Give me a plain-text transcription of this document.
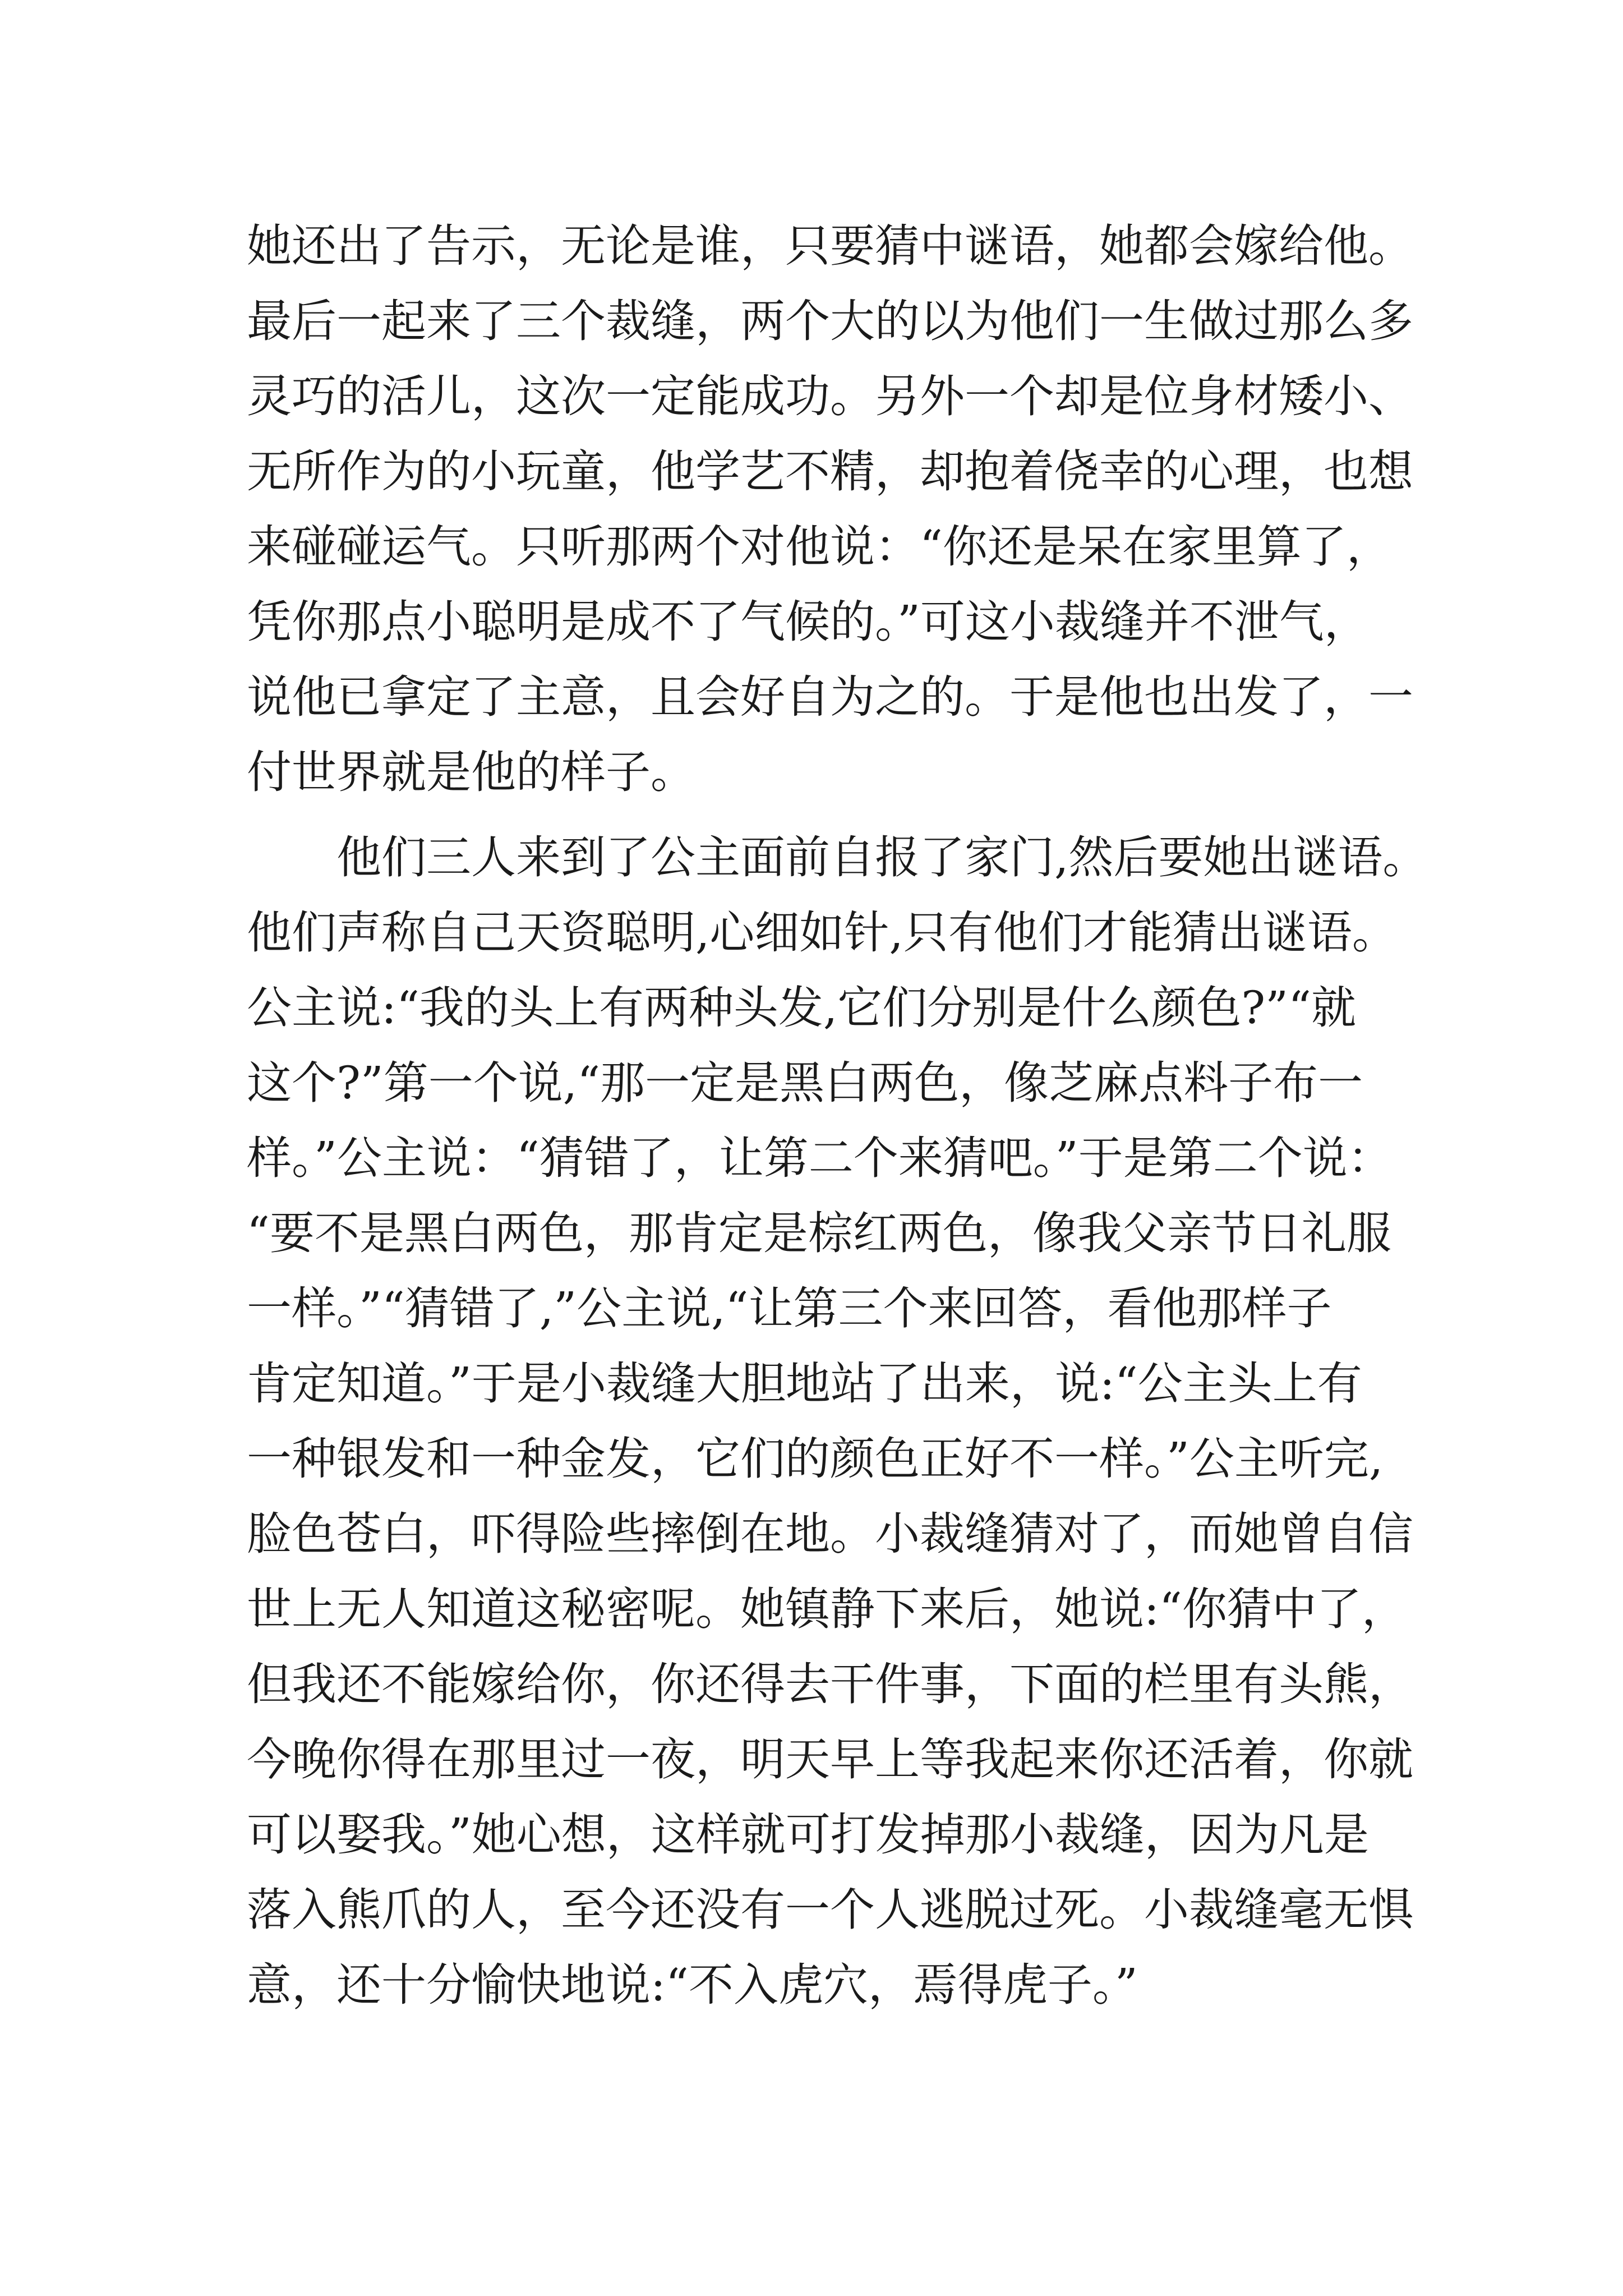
她还出了告示，无论是谁，只要猜中谜语，她都会嫁给他。

最后一起来了三个裁缝，两个大的以为他们一生做过那么多

灵巧的活儿，这次一定能成功。另外一个却是位身材矮小、

无所作为的小玩童，他学艺不精，却抱着侥幸的心理，也想

来碰碰运气。只听那两个对他说：“你还是呆在家里算了，

凭你那点小聪明是成不了气候的。”可这小裁缝并不泄气，

说他已拿定了主意，且会好自为之的。于是他也出发了，一

付世界就是他的样子。

他们三人来到了公主面前自报了家门,然后要她出谜语。

他们声称自己天资聪明,心细如针,只有他们才能猜出谜语。

公主说:“我的头上有两种头发,它们分别是什么颜色?”“就

这个?”第一个说,“那一定是黑白两色，像芝麻点料子布一

样。”公主说：“猜错了，让第二个来猜吧。”于是第二个说：

“要不是黑白两色，那肯定是棕红两色，像我父亲节日礼服

一样。”“猜错了,”公主说,“让第三个来回答，看他那样子

肯定知道。”于是小裁缝大胆地站了出来，说:“公主头上有

一种银发和一种金发，它们的颜色正好不一样。”公主听完,

脸色苍白，吓得险些摔倒在地。小裁缝猜对了，而她曾自信

世上无人知道这秘密呢。她镇静下来后，她说:“你猜中了，

但我还不能嫁给你，你还得去干件事，下面的栏里有头熊，

今晚你得在那里过一夜，明天早上等我起来你还活着，你就

可以娶我。”她心想，这样就可打发掉那小裁缝，因为凡是

落入熊爪的人，至今还没有一个人逃脱过死。小裁缝毫无惧

意，还十分愉快地说:“不入虎穴，焉得虎子。”
